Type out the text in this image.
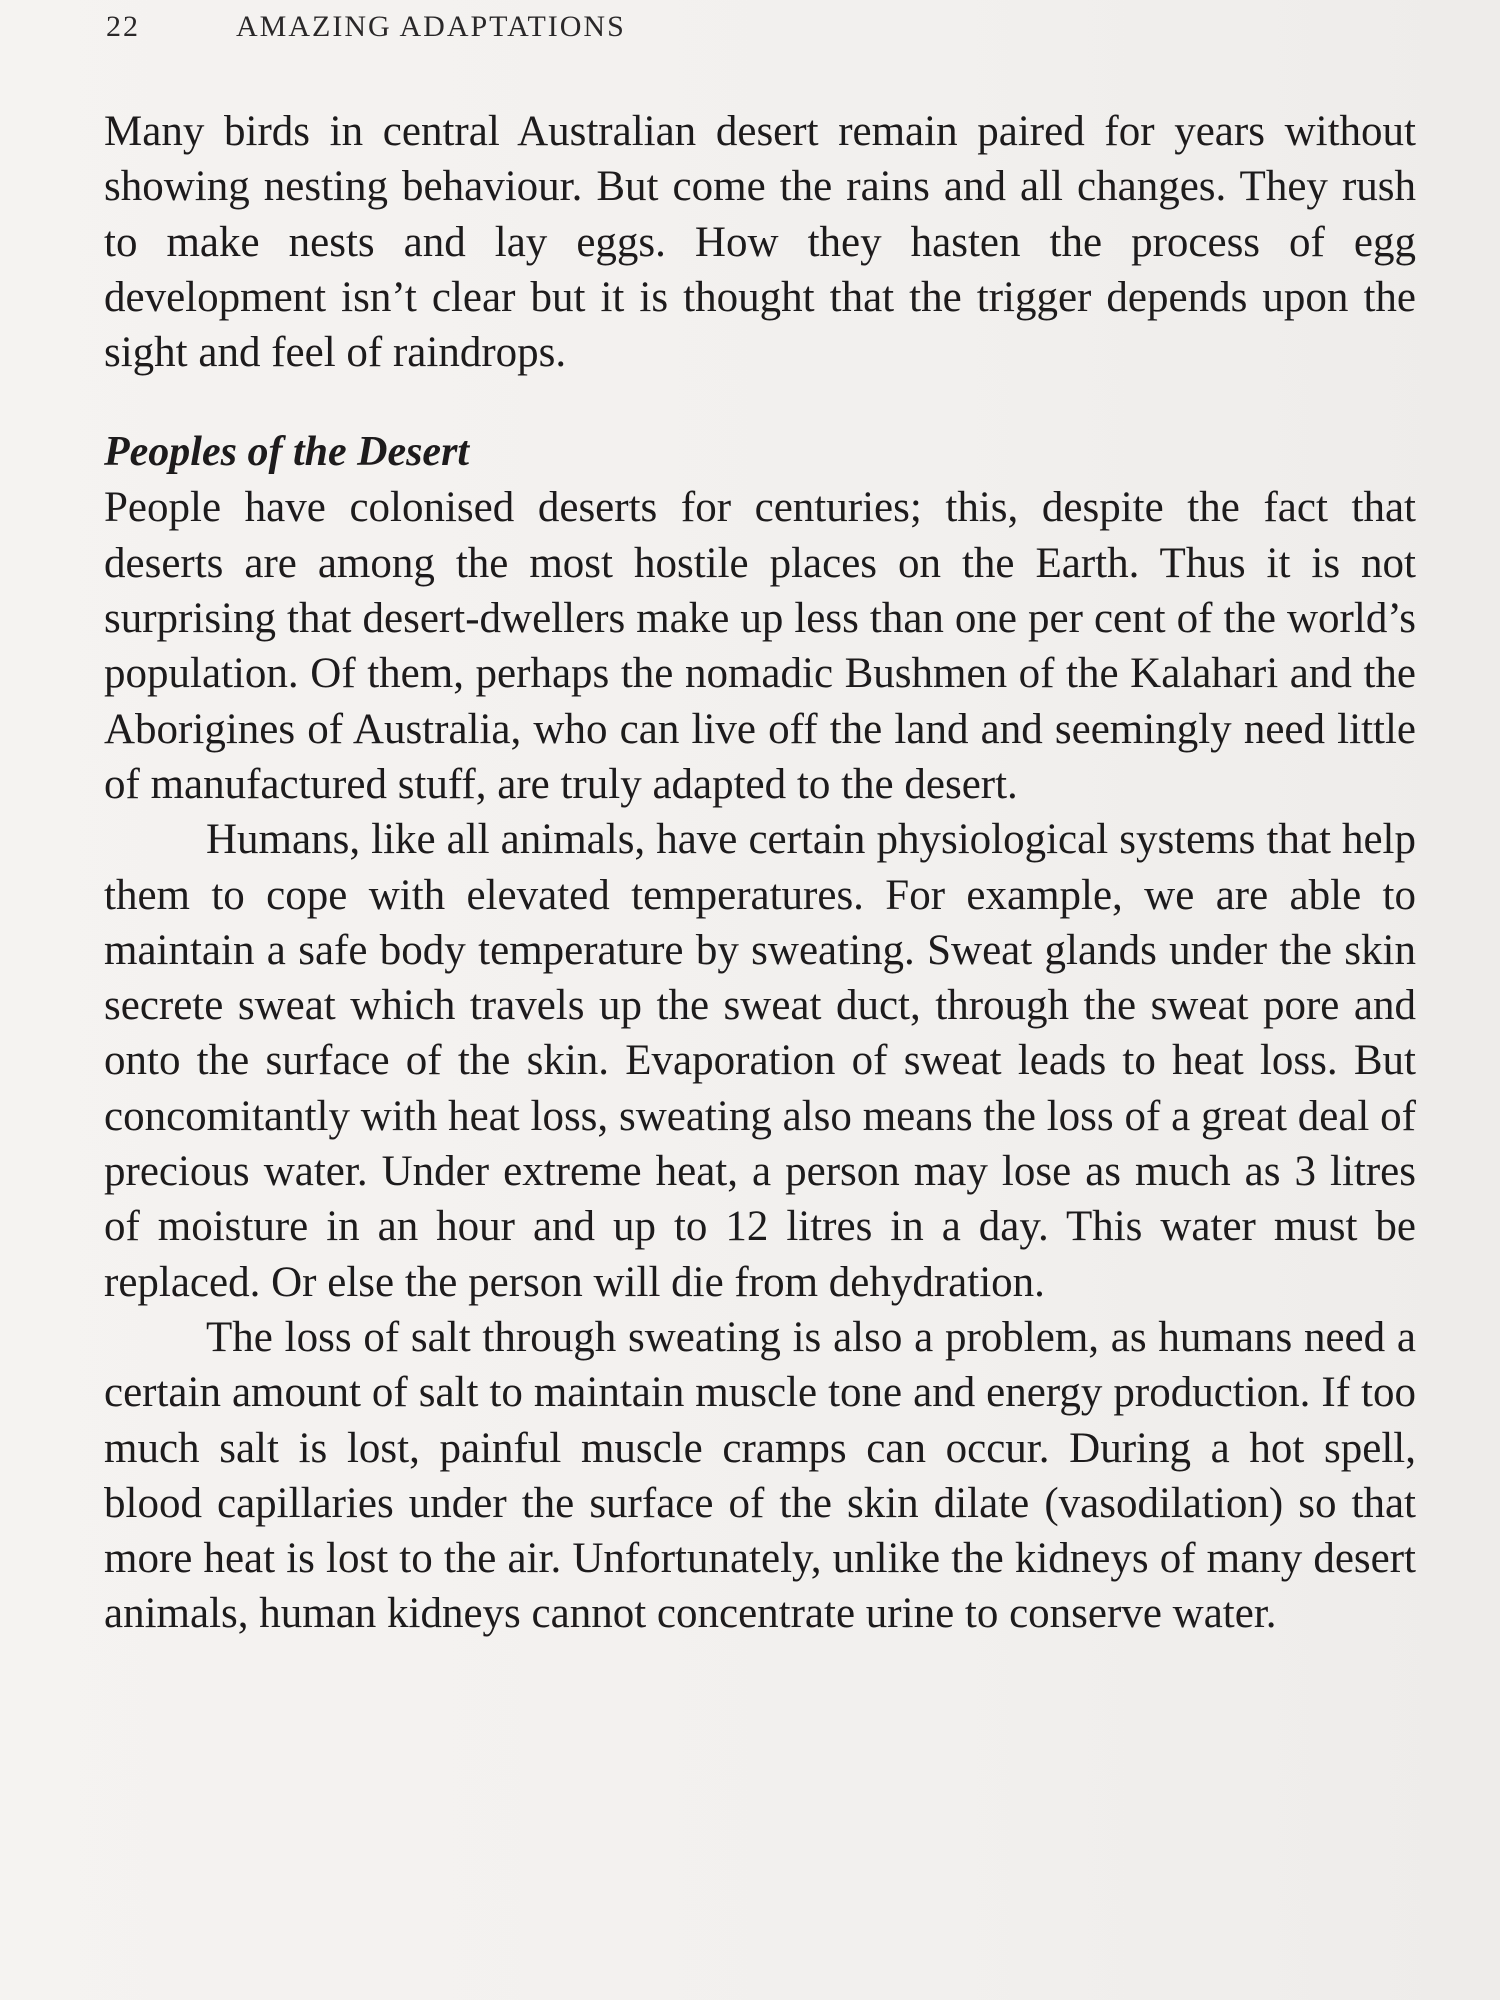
22	AMAZING ADAPTATIONS

Many birds in central Australian desert remain paired for years without showing nesting behaviour. But come the rains and all changes. They rush to make nests and lay eggs. How they hasten the process of egg development isn’t clear but it is thought that the trigger depends upon the sight and feel of raindrops.

Peoples of the Desert

People have colonised deserts for centuries; this, despite the fact that deserts are among the most hostile places on the Earth. Thus it is not surprising that desert-dwellers make up less than one per cent of the world’s population. Of them, perhaps the nomadic Bushmen of the Kalahari and the Aborigines of Australia, who can live off the land and seemingly need little of manufactured stuff, are truly adapted to the desert.

Humans, like all animals, have certain physiological systems that help them to cope with elevated temperatures. For example, we are able to maintain a safe body temperature by sweating. Sweat glands under the skin secrete sweat which travels up the sweat duct, through the sweat pore and onto the surface of the skin. Evaporation of sweat leads to heat loss. But concomitantly with heat loss, sweating also means the loss of a great deal of precious water. Under extreme heat, a person may lose as much as 3 litres of moisture in an hour and up to 12 litres in a day. This water must be replaced. Or else the person will die from dehydration.

The loss of salt through sweating is also a problem, as humans need a certain amount of salt to maintain muscle tone and energy production. If too much salt is lost, painful muscle cramps can occur. During a hot spell, blood capillaries under the surface of the skin dilate (vasodilation) so that more heat is lost to the air. Unfortunately, unlike the kidneys of many desert animals, human kidneys cannot concentrate urine to conserve water.
